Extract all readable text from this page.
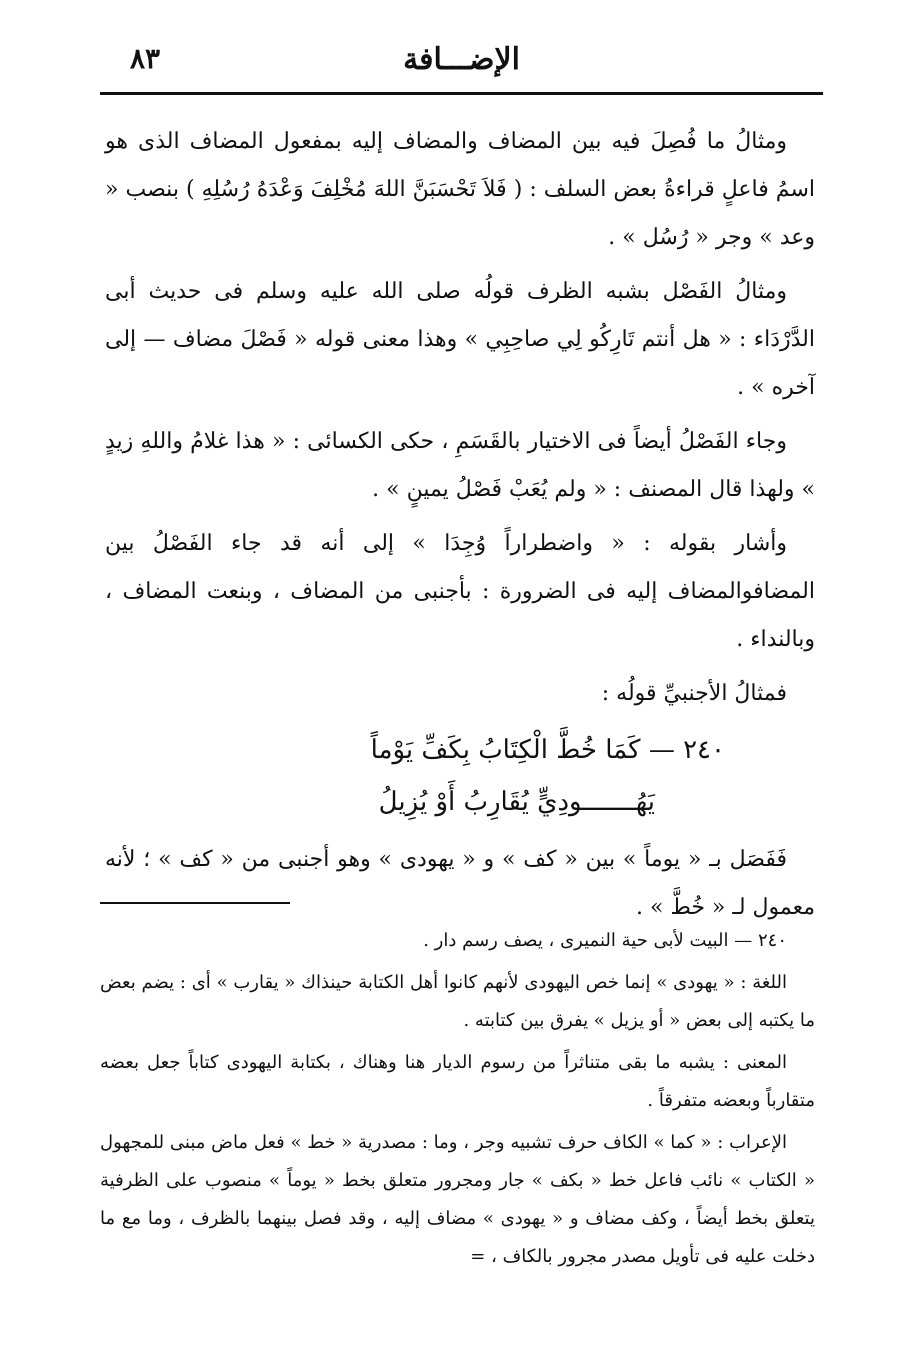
الإضـــافة
٨٣

ومثالُ ما فُصِلَ فيه بين المضاف والمضاف إليه بمفعول المضاف الذى هو اسمُ فاعلٍ قراءةُ بعض السلف : ( فَلاَ تَحْسَبَنَّ اللهَ مُخْلِفَ وَعْدَهُ رُسُلِهِ ) بنصب « وعد » وجر « رُسُل » .

ومثالُ الفَصْل بشبه الظرف قولُه صلى الله عليه وسلم فى حديث أبى الدَّرْدَاء : « هل أنتم تَارِكُو لِي صاحِبِي » وهذا معنى قوله « فَصْلَ مضاف — إلى آخره » .

وجاء الفَصْلُ أيضاً فى الاختيار بالقَسَمِ ، حكى الكسائى : « هذا غلامُ واللهِ زيدٍ » ولهذا قال المصنف : « ولم يُعَبْ فَصْلُ يمينٍ » .

وأشار بقوله : « واضطراراً وُجِدَا » إلى أنه قد جاء الفَصْلُ بين المضافوالمضاف إليه فى الضرورة : بأجنبى من المضاف ، وبنعت المضاف ، وبالنداء .

فمثالُ الأجنبيِّ قولُه :

٢٤٠ — كَمَا خُطَّ الْكِتَابُ بِكَفِّ يَوْماً
يَهُـــــــودِيٍّ يُقَارِبُ أَوْ يُزِيلُ

فَفَصَل بـ « يوماً » بين « كف » و « يهودى » وهو أجنبى من « كف » ؛ لأنه معمول لـ « خُطَّ » .

٢٤٠ — البيت لأبى حية النميرى ، يصف رسم دار .

اللغة : « يهودى » إنما خص اليهودى لأنهم كانوا أهل الكتابة حينذاك « يقارب » أى : يضم بعض ما يكتبه إلى بعض « أو يزيل » يفرق بين كتابته .

المعنى : يشبه ما بقى متناثراً من رسوم الديار هنا وهناك ، بكتابة اليهودى كتاباً جعل بعضه متقارباً وبعضه متفرقاً .

الإعراب : « كما » الكاف حرف تشبيه وجر ، وما : مصدرية « خط » فعل ماض مبنى للمجهول « الكتاب » نائب فاعل خط « بكف » جار ومجرور متعلق بخط « يوماً » منصوب على الظرفية يتعلق بخط أيضاً ، وكف مضاف و « يهودى » مضاف إليه ، وقد فصل بينهما بالظرف ، وما مع ما دخلت عليه فى تأويل مصدر مجرور بالكاف ، =
